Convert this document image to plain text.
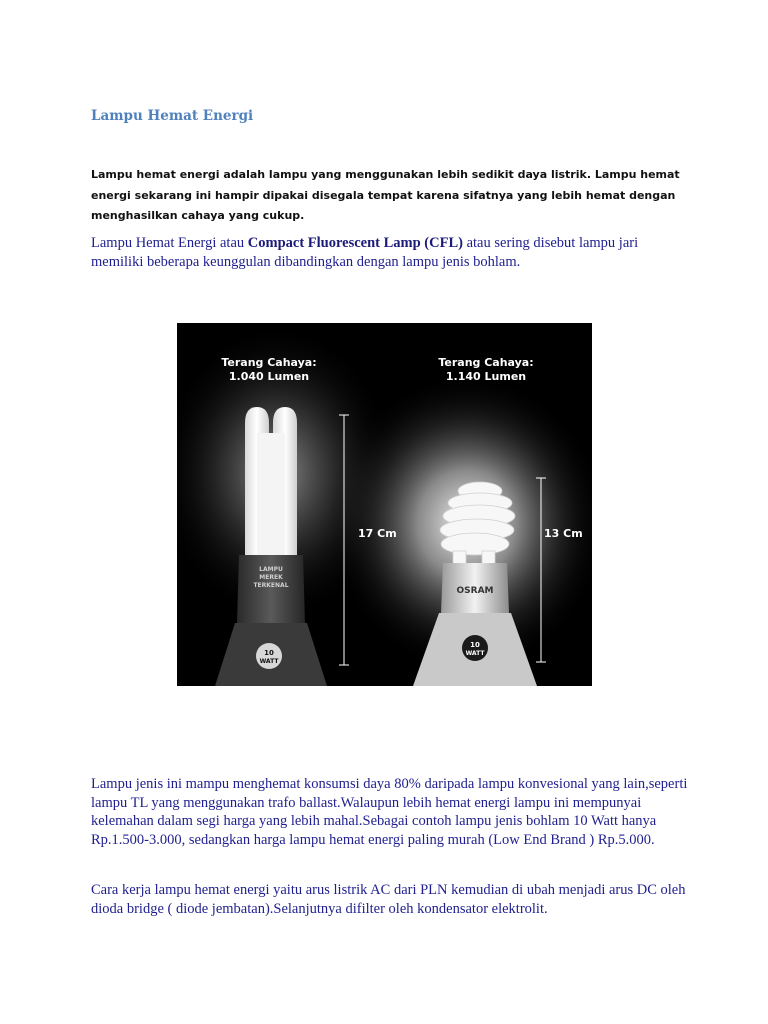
Lampu Hemat Energi

Lampu hemat energi adalah lampu yang menggunakan lebih sedikit daya listrik. Lampu hemat energi sekarang ini hampir dipakai disegala tempat karena sifatnya yang lebih hemat dengan menghasilkan cahaya yang cukup.

Lampu Hemat Energi atau Compact Fluorescent Lamp (CFL) atau sering disebut lampu jari memiliki beberapa keunggulan dibandingkan dengan lampu jenis bohlam.

Terang Cahaya:
1.040 Lumen
LAMPU
MEREK
TERKENAL
10
WATT
17 Cm
Terang Cahaya:
1.140 Lumen
OSRAM
10
WATT
13 Cm

Lampu jenis ini mampu menghemat konsumsi daya 80% daripada lampu konvesional yang lain,seperti lampu TL yang menggunakan trafo ballast.Walaupun lebih hemat energi lampu ini mempunyai kelemahan dalam segi harga yang lebih mahal.Sebagai contoh lampu jenis bohlam 10 Watt hanya Rp.1.500-3.000, sedangkan harga lampu hemat energi paling murah (Low End Brand ) Rp.5.000.

Cara kerja lampu hemat energi yaitu arus listrik AC dari PLN kemudian di ubah menjadi arus DC oleh dioda bridge ( diode jembatan).Selanjutnya difilter oleh kondensator elektrolit.
